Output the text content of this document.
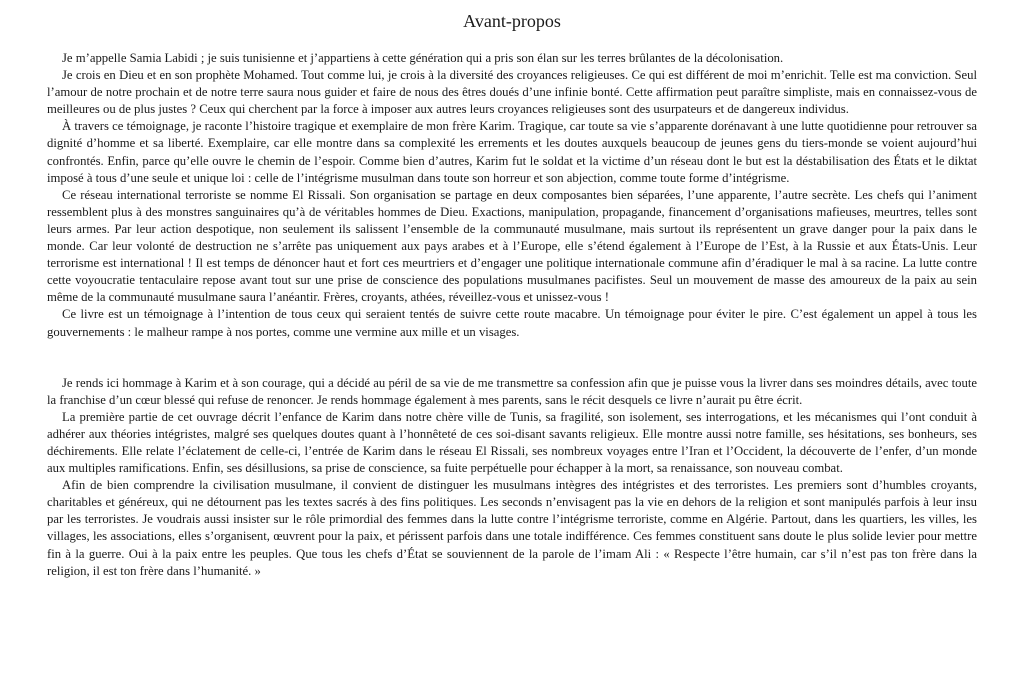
Avant-propos

Je m’appelle Samia Labidi ; je suis tunisienne et j’appartiens à cette génération qui a pris son élan sur les terres brûlantes de la décolonisation.

Je crois en Dieu et en son prophète Mohamed. Tout comme lui, je crois à la diversité des croyances religieuses. Ce qui est différent de moi m’enrichit. Telle est ma conviction. Seul l’amour de notre prochain et de notre terre saura nous guider et faire de nous des êtres doués d’une infinie bonté. Cette affirmation peut paraître simpliste, mais en connaissez-vous de meilleures ou de plus justes ? Ceux qui cherchent par la force à imposer aux autres leurs croyances religieuses sont des usurpateurs et de dangereux individus.

À travers ce témoignage, je raconte l’histoire tragique et exemplaire de mon frère Karim. Tragique, car toute sa vie s’apparente dorénavant à une lutte quotidienne pour retrouver sa dignité d’homme et sa liberté. Exemplaire, car elle montre dans sa complexité les errements et les doutes auxquels beaucoup de jeunes gens du tiers-monde se voient aujourd’hui confrontés. Enfin, parce qu’elle ouvre le chemin de l’espoir. Comme bien d’autres, Karim fut le soldat et la victime d’un réseau dont le but est la déstabilisation des États et le diktat imposé à tous d’une seule et unique loi : celle de l’intégrisme musulman dans toute son horreur et son abjection, comme toute forme d’intégrisme.

Ce réseau international terroriste se nomme El Rissali. Son organisation se partage en deux composantes bien séparées, l’une apparente, l’autre secrète. Les chefs qui l’animent ressemblent plus à des monstres sanguinaires qu’à de véritables hommes de Dieu. Exactions, manipulation, propagande, financement d’organisations mafieuses, meurtres, telles sont leurs armes. Par leur action despotique, non seulement ils salissent l’ensemble de la communauté musulmane, mais surtout ils représentent un grave danger pour la paix dans le monde. Car leur volonté de destruction ne s’arrête pas uniquement aux pays arabes et à l’Europe, elle s’étend également à l’Europe de l’Est, à la Russie et aux États-Unis. Leur terrorisme est international ! Il est temps de dénoncer haut et fort ces meurtriers et d’engager une politique internationale commune afin d’éradiquer le mal à sa racine. La lutte contre cette voyoucratie tentaculaire repose avant tout sur une prise de conscience des populations musulmanes pacifistes. Seul un mouvement de masse des amoureux de la paix au sein même de la communauté musulmane saura l’anéantir. Frères, croyants, athées, réveillez-vous et unissez-vous !

Ce livre est un témoignage à l’intention de tous ceux qui seraient tentés de suivre cette route macabre. Un témoignage pour éviter le pire. C’est également un appel à tous les gouvernements : le malheur rampe à nos portes, comme une vermine aux mille et un visages.

Je rends ici hommage à Karim et à son courage, qui a décidé au péril de sa vie de me transmettre sa confession afin que je puisse vous la livrer dans ses moindres détails, avec toute la franchise d’un cœur blessé qui refuse de renoncer. Je rends hommage également à mes parents, sans le récit desquels ce livre n’aurait pu être écrit.

La première partie de cet ouvrage décrit l’enfance de Karim dans notre chère ville de Tunis, sa fragilité, son isolement, ses interrogations, et les mécanismes qui l’ont conduit à adhérer aux théories intégristes, malgré ses quelques doutes quant à l’honnêteté de ces soi-disant savants religieux. Elle montre aussi notre famille, ses hésitations, ses bonheurs, ses déchirements. Elle relate l’éclatement de celle-ci, l’entrée de Karim dans le réseau El Rissali, ses nombreux voyages entre l’Iran et l’Occident, la découverte de l’enfer, d’un monde aux multiples ramifications. Enfin, ses désillusions, sa prise de conscience, sa fuite perpétuelle pour échapper à la mort, sa renaissance, son nouveau combat.

Afin de bien comprendre la civilisation musulmane, il convient de distinguer les musulmans intègres des intégristes et des terroristes. Les premiers sont d’humbles croyants, charitables et généreux, qui ne détournent pas les textes sacrés à des fins politiques. Les seconds n’envisagent pas la vie en dehors de la religion et sont manipulés parfois à leur insu par les terroristes. Je voudrais aussi insister sur le rôle primordial des femmes dans la lutte contre l’intégrisme terroriste, comme en Algérie. Partout, dans les quartiers, les villes, les villages, les associations, elles s’organisent, œuvrent pour la paix, et périssent parfois dans une totale indifférence. Ces femmes constituent sans doute le plus solide levier pour mettre fin à la guerre. Oui à la paix entre les peuples. Que tous les chefs d’État se souviennent de la parole de l’imam Ali : « Respecte l’être humain, car s’il n’est pas ton frère dans la religion, il est ton frère dans l’humanité. »
